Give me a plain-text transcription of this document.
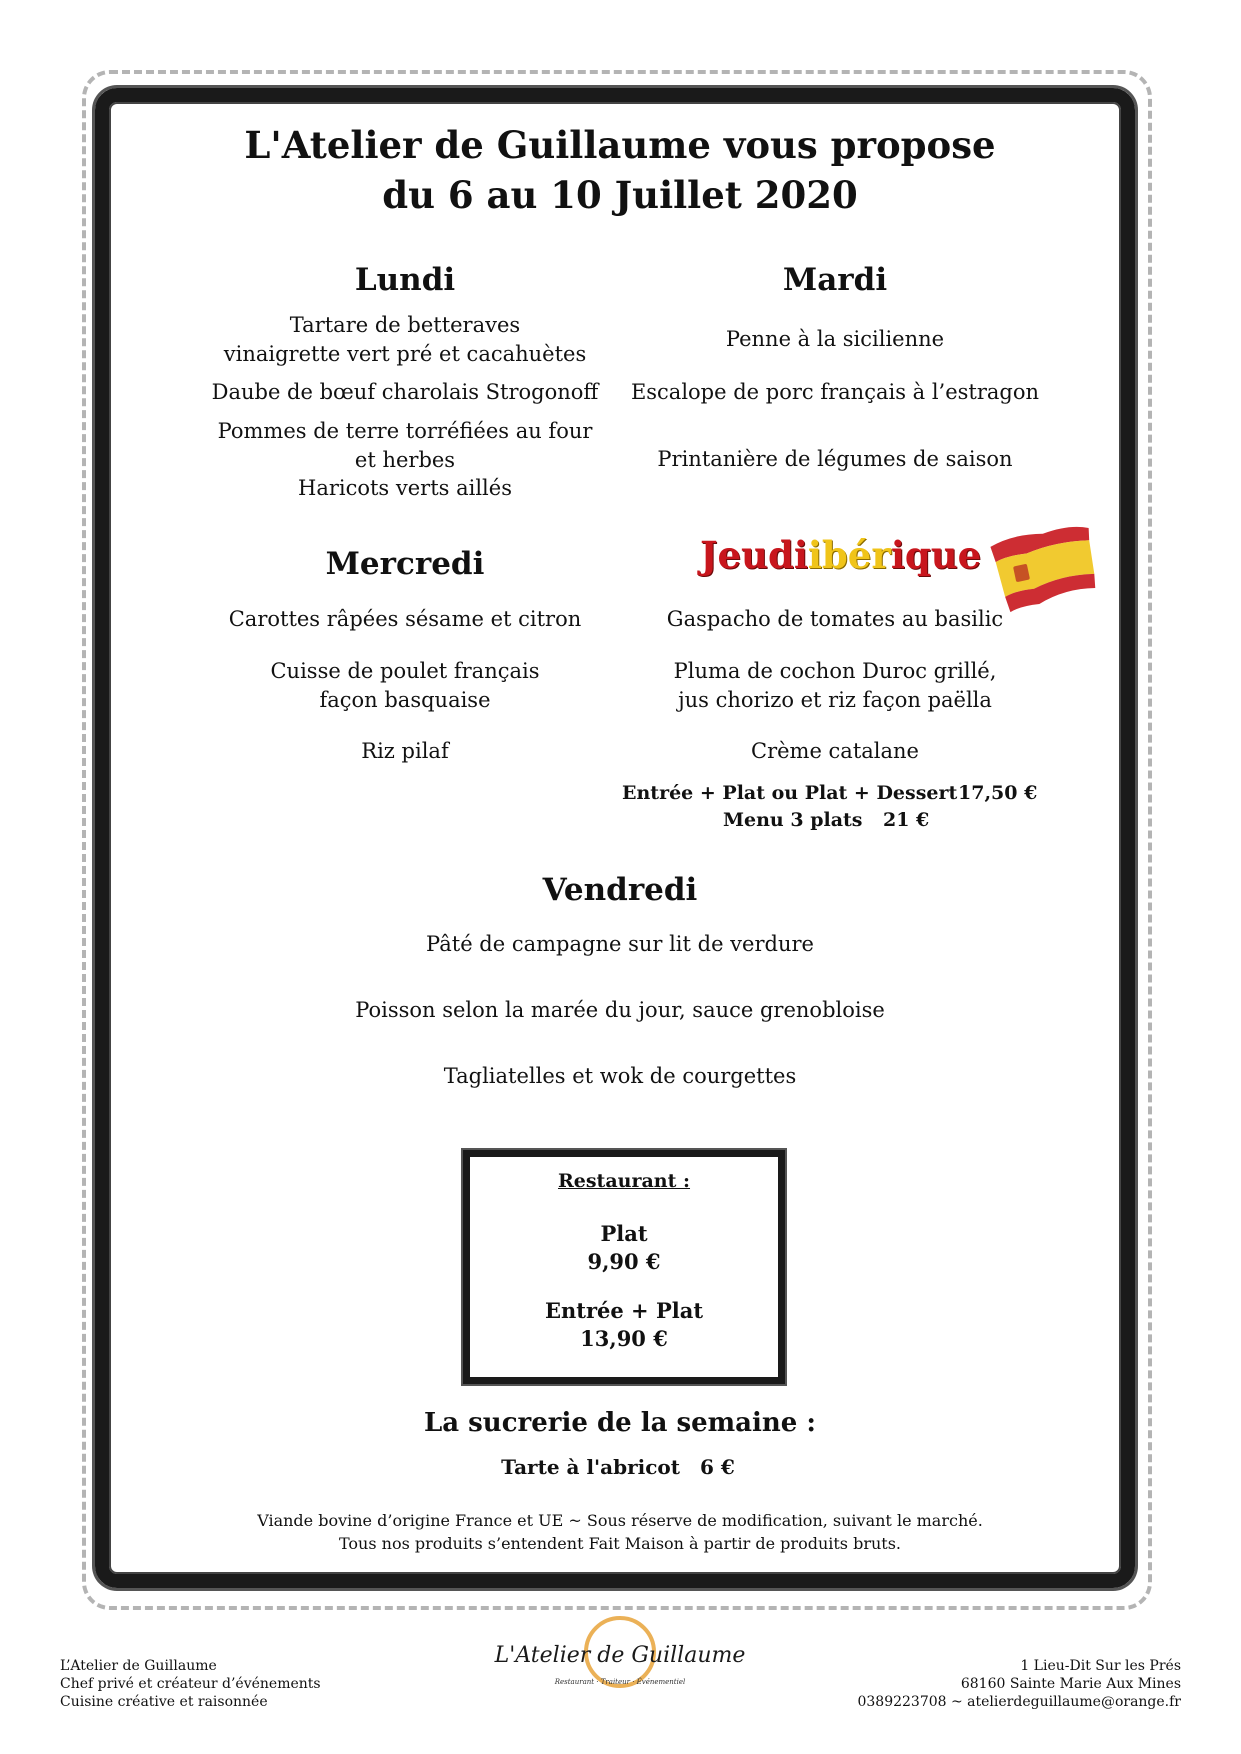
L'Atelier de Guillaume vous propose
du 6 au 10 Juillet 2020
Lundi
Tartare de betteraves
vinaigrette vert pré et cacahuètes
Daube de bœuf charolais Strogonoff
Pommes de terre torréfiées au four
et herbes
Haricots verts aillés
Mardi
Penne à la sicilienne
Escalope de porc français à l’estragon
Printanière de légumes de saison
Mercredi
Carottes râpées sésame et citron
Cuisse de poulet français
façon basquaise
Riz pilaf
Jeudiibérique
Gaspacho de tomates au basilic
Pluma de cochon Duroc grillé,
jus chorizo et riz façon paëlla
Crème catalane
Entrée + Plat ou Plat + Dessert 17,50 €
Menu 3 plats 21 €
Vendredi
Pâté de campagne sur lit de verdure
Poisson selon la marée du jour, sauce grenobloise
Tagliatelles et wok de courgettes
Restaurant :
Plat
9,90 €
Entrée + Plat
13,90 €
La sucrerie de la semaine :
Tarte à l'abricot 6 €
Viande bovine d’origine France et UE ~ Sous réserve de modification, suivant le marché.
Tous nos produits s’entendent Fait Maison à partir de produits bruts.
L'Atelier de Guillaume
Restaurant · Traiteur · Événementiel
L’Atelier de Guillaume
Chef privé et créateur d’événements
Cuisine créative et raisonnée
1 Lieu-Dit Sur les Prés
68160 Sainte Marie Aux Mines
0389223708 ~ atelierdeguillaume@orange.fr
